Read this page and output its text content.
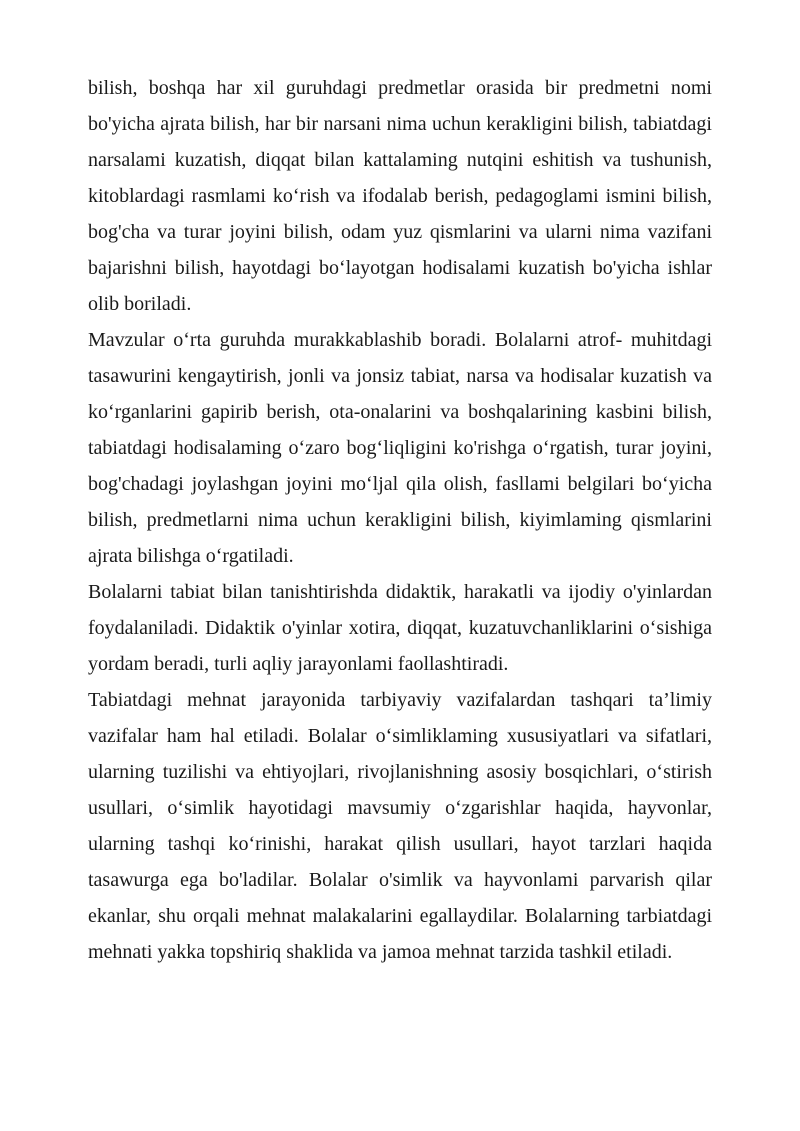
bilish, boshqa har xil guruhdagi predmetlar orasida bir predmetni nomi bo'yicha ajrata bilish, har bir narsani nima uchun kerakligini bilish, tabiatdagi narsalami kuzatish, diqqat bilan kattalaming nutqini eshitish va tushunish, kitoblardagi rasmlami ko‘rish va ifodalab berish, pedagoglami ismini bilish, bog'cha va turar joyini bilish, odam yuz qismlarini va ularni nima vazifani bajarishni bilish, hayotdagi bo‘layotgan hodisalami kuzatish bo'yicha ishlar olib boriladi.

Mavzular o‘rta guruhda murakkablashib boradi. Bolalarni atrof- muhitdagi tasawurini kengaytirish, jonli va jonsiz tabiat, narsa va hodisalar kuzatish va ko‘rganlarini gapirib berish, ota-onalarini va boshqalarining kasbini bilish, tabiatdagi hodisalaming o‘zaro bog‘liqligini ko'rishga o‘rgatish, turar joyini, bog'chadagi joylashgan joyini mo‘ljal qila olish, fasllami belgilari bo‘yicha bilish, predmetlarni nima uchun kerakligini bilish, kiyimlaming qismlarini ajrata bilishga o‘rgatiladi.

Bolalarni tabiat bilan tanishtirishda didaktik, harakatli va ijodiy o'yinlardan foydalaniladi. Didaktik o'yinlar xotira, diqqat, kuzatuvchanliklarini o‘sishiga yordam beradi, turli aqliy jarayonlami faollashtiradi.

Tabiatdagi mehnat jarayonida tarbiyaviy vazifalardan tashqari ta’limiy vazifalar ham hal etiladi. Bolalar o‘simliklaming xususiyatlari va sifatlari, ularning tuzilishi va ehtiyojlari, rivojlanishning asosiy bosqichlari, o‘stirish usullari, o‘simlik hayotidagi mavsumiy o‘zgarishlar haqida, hayvonlar, ularning tashqi ko‘rinishi, harakat qilish usullari, hayot tarzlari haqida tasawurga ega bo'ladilar. Bolalar o'simlik va hayvonlami parvarish qilar ekanlar, shu orqali mehnat malakalarini egallaydilar. Bolalarning tarbiatdagi mehnati yakka topshiriq shaklida va jamoa mehnat tarzida tashkil etiladi.
